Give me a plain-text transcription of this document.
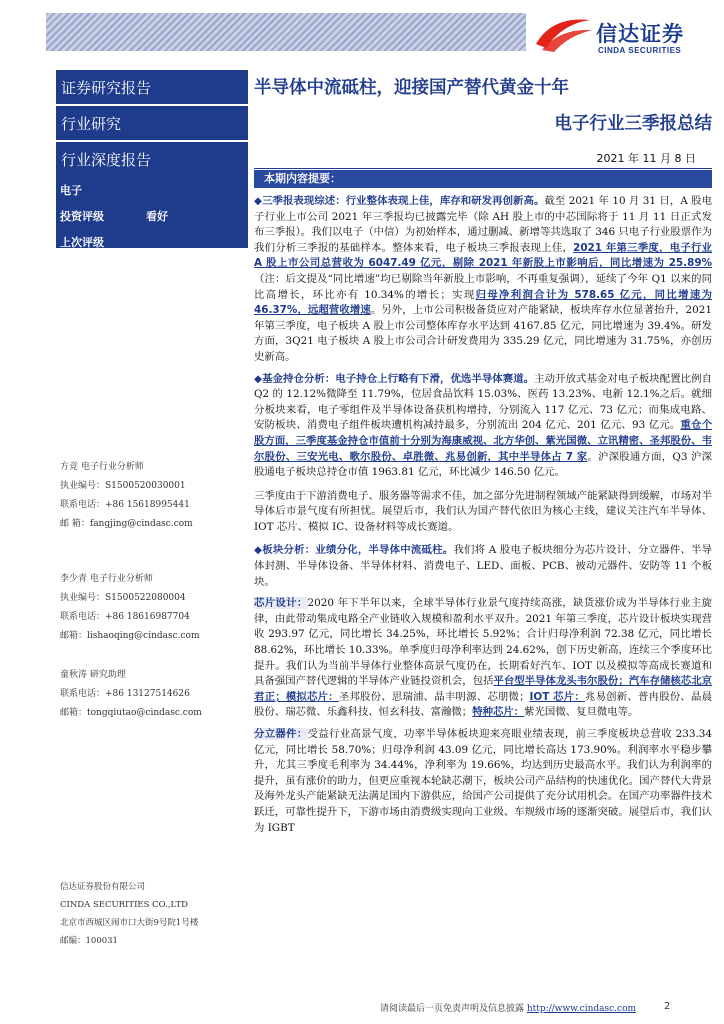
信达证券
CINDA SECURITIES
证券研究报告
行业研究
行业深度报告
电子
投资评级	看好
上次评级
方竞 电子行业分析师
执业编号：S1500520030001
联系电话：+86 15618995441
邮 箱：fangjing@cindasc.com
李少青 电子行业分析师
执业编号：S1500522080004
联系电话：+86 18616987704
邮箱：lishaoqing@cindasc.com
童秋涛 研究助理
联系电话：+86 13127514626
邮箱：tongqiutao@cindasc.com
信达证券股份有限公司
CINDA SECURITIES CO.,LTD
北京市西城区闹市口大街9号院1号楼
邮编：100031
半导体中流砥柱，迎接国产替代黄金十年
电子行业三季报总结
2021 年 11 月 8 日
本期内容提要：
◆三季报表现综述：行业整体表现上佳，库存和研发再创新高。截至 2021 年 10 月 31 日，A 股电子行业上市公司 2021 年三季报均已披露完毕（除 AH 股上市的中芯国际将于 11 月 11 日正式发布三季报）。我们以电子（中信）为初始样本，通过删减、新增等共选取了 346 只电子行业股票作为我们分析三季报的基础样本。整体来看，电子板块三季报表现上佳，2021 年第三季度，电子行业 A 股上市公司总营收为 6047.49 亿元，剔除 2021 年新股上市影响后，同比增速为 25.89%（注：后文提及“同比增速”均已剔除当年新股上市影响，不再重复强调），延续了今年 Q1 以来的同比高增长，环比亦有 10.34%的增长；实现归母净利润合计为 578.65 亿元，同比增速为 46.37%，远超营收增速。另外，上市公司积极备货应对产能紧缺，板块库存水位显著抬升，2021 年第三季度，电子板块 A 股上市公司整体库存水平达到 4167.85 亿元，同比增速为 39.4%。研发方面，3Q21 电子板块 A 股上市公司合计研发费用为 335.29 亿元，同比增速为 31.75%，亦创历史新高。
◆基金持仓分析：电子持仓上行略有下滑，优选半导体赛道。主动开放式基金对电子板块配置比例自 Q2 的 12.12%微降至 11.79%，位居食品饮料 15.03%、医药 13.23%、电新 12.1%之后。就细分板块来看，电子零组件及半导体设备获机构增持，分别流入 117 亿元、73 亿元；而集成电路、安防板块、消费电子组件板块遭机构减持最多，分别流出 204 亿元、201 亿元、93 亿元。重仓个股方面，三季度基金持仓市值前十分别为海康威视、北方华创、紫光国微、立讯精密、圣邦股份、韦尔股份、三安光电、歌尔股份、卓胜微、兆易创新，其中半导体占 7 家。沪深股通方面，Q3 沪深股通电子板块总持仓市值 1963.81 亿元，环比减少 146.50 亿元。
三季度由于下游消费电子、服务器等需求不佳，加之部分先进制程领域产能紧缺得到缓解，市场对半导体后市景气度有所担忧。展望后市，我们认为国产替代依旧为核心主线，建议关注汽车半导体、IOT 芯片、模拟 IC、设备材料等成长赛道。
◆板块分析：业绩分化，半导体中流砥柱。我们将 A 股电子板块细分为芯片设计、分立器件、半导体封测、半导体设备、半导体材料、消费电子、LED、面板、PCB、被动元器件、安防等 11 个板块。
芯片设计：2020 年下半年以来，全球半导体行业景气度持续高涨，缺货涨价成为半导体行业主旋律，由此带动集成电路全产业链收入规模和盈利水平双升。2021 年第三季度，芯片设计板块实现营收 293.97 亿元，同比增长 34.25%，环比增长 5.92%；合计归母净利润 72.38 亿元，同比增长 88.62%，环比增长 10.33%。单季度归母净利率达到 24.62%，创下历史新高，连续三个季度环比提升。我们认为当前半导体行业整体高景气度仍在，长期看好汽车、IOT 以及模拟等高成长赛道和具备强国产替代逻辑的半导体产业链投资机会，包括平台型半导体龙头韦尔股份；汽车存储核芯北京君正；模拟芯片：圣邦股份、思瑞浦、晶丰明源、芯朋微；IOT 芯片：兆易创新、普冉股份、晶晨股份、瑞芯微、乐鑫科技、恒玄科技、富瀚微；特种芯片：紫光国微、复旦微电等。
分立器件：受益行业高景气度，功率半导体板块迎来亮眼业绩表现，前三季度板块总营收 233.34 亿元，同比增长 58.70%；归母净利润 43.09 亿元，同比增长高达 173.90%。利润率水平稳步攀升，尤其三季度毛利率为 34.44%，净利率为 19.66%，均达到历史最高水平。我们认为利润率的提升，虽有涨价的助力，但更应重视本轮缺芯潮下，板块公司产品结构的快速优化。国产替代大背景及海外龙头产能紧缺无法满足国内下游供应，给国产公司提供了充分试用机会。在国产功率器件技术跃迁，可靠性提升下，下游市场由消费级实现向工业级、车规级市场的逐渐突破。展望后市，我们认为 IGBT
请阅读最后一页免责声明及信息披露 http://www.cindasc.com	2
